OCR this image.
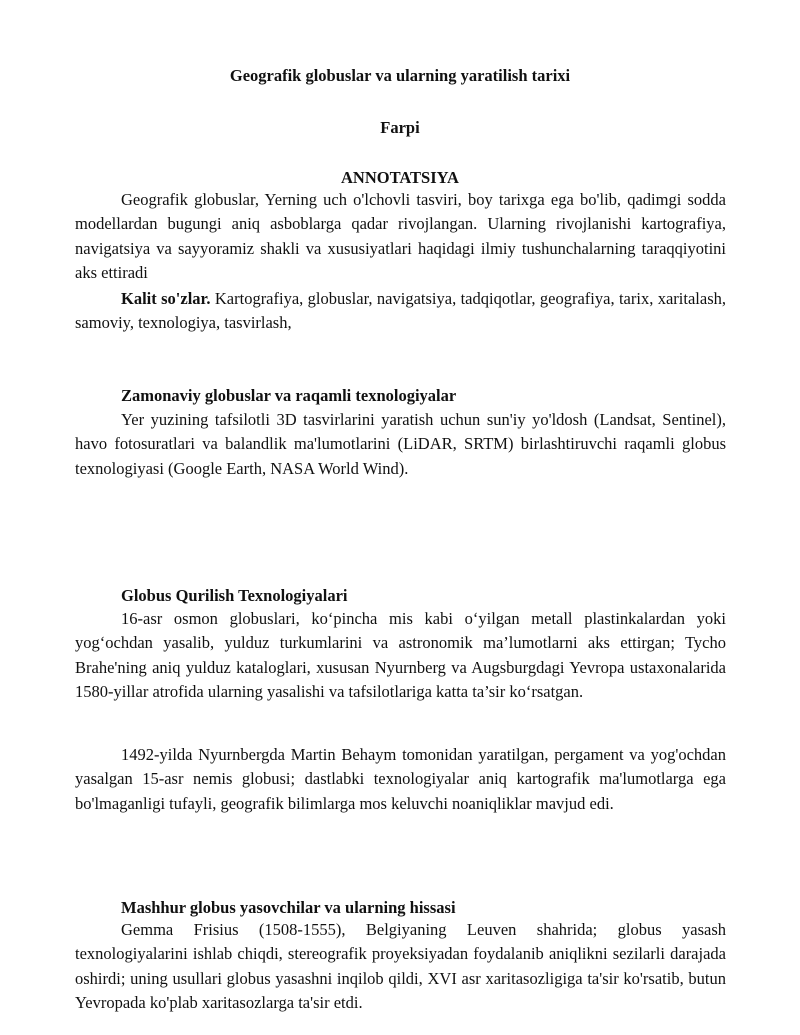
Geografik globuslar va ularning yaratilish tarixi
Farpi
ANNOTATSIYA
Geografik globuslar, Yerning uch o'lchovli tasviri, boy tarixga ega bo'lib, qadimgi sodda modellardan bugungi aniq asboblarga qadar rivojlangan. Ularning rivojlanishi kartografiya, navigatsiya va sayyoramiz shakli va xususiyatlari haqidagi ilmiy tushunchalarning taraqqiyotini aks ettiradi
Kalit so'zlar. Kartografiya, globuslar, navigatsiya, tadqiqotlar, geografiya, tarix, xaritalash, samoviy, texnologiya, tasvirlash,
Zamonaviy globuslar va raqamli texnologiyalar
Yer yuzining tafsilotli 3D tasvirlarini yaratish uchun sun'iy yo'ldosh (Landsat, Sentinel), havo fotosuratlari va balandlik ma'lumotlarini (LiDAR, SRTM) birlashtiruvchi raqamli globus texnologiyasi (Google Earth, NASA World Wind).
Globus Qurilish Texnologiyalari
16-asr osmon globuslari, ko‘pincha mis kabi o‘yilgan metall plastinkalardan yoki yog‘ochdan yasalib, yulduz turkumlarini va astronomik ma’lumotlarni aks ettirgan; Tycho Brahe'ning aniq yulduz kataloglari, xususan Nyurnberg va Augsburgdagi Yevropa ustaxonalarida 1580-yillar atrofida ularning yasalishi va tafsilotlariga katta ta’sir ko‘rsatgan.
1492-yilda Nyurnbergda Martin Behaym tomonidan yaratilgan, pergament va yog'ochdan yasalgan 15-asr nemis globusi; dastlabki texnologiyalar aniq kartografik ma'lumotlarga ega bo'lmaganligi tufayli, geografik bilimlarga mos keluvchi noaniqliklar mavjud edi.
Mashhur globus yasovchilar va ularning hissasi
Gemma Frisius (1508-1555), Belgiyaning Leuven shahrida; globus yasash texnologiyalarini ishlab chiqdi, stereografik proyeksiyadan foydalanib aniqlikni sezilarli darajada oshirdi; uning usullari globus yasashni inqilob qildi, XVI asr xaritasozligiga ta'sir ko'rsatib, butun Yevropada ko'plab xaritasozlarga ta'sir etdi.
